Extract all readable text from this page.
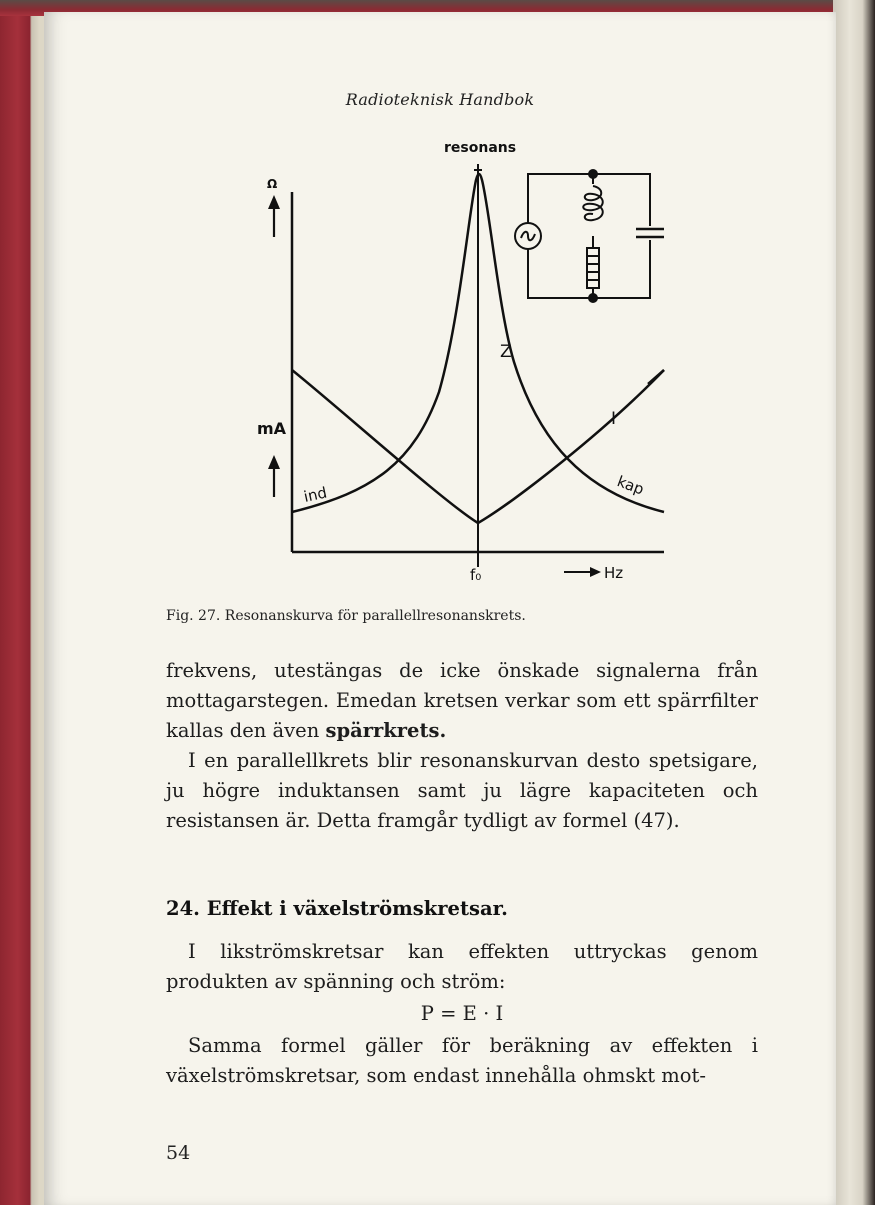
Radioteknisk Handbok
Ω
mA
resonans
Z
I
ind	kap
f₀	Hz
Fig. 27. Resonanskurva för parallellresonanskrets.

frekvens, utestängas de icke önskade signalerna från mottagarstegen. Emedan kretsen verkar som ett spärrfilter kallas den även spärrkrets.

I en parallellkrets blir resonanskurvan desto spetsigare, ju högre induktansen samt ju lägre kapaciteten och resistansen är. Detta framgår tydligt av formel (47).

24. Effekt i växelströmskretsar.

I likströmskretsar kan effekten uttryckas genom produkten av spänning och ström:

P = E · I

Samma formel gäller för beräkning av effekten i växelströmskretsar, som endast innehålla ohmskt mot-

54
